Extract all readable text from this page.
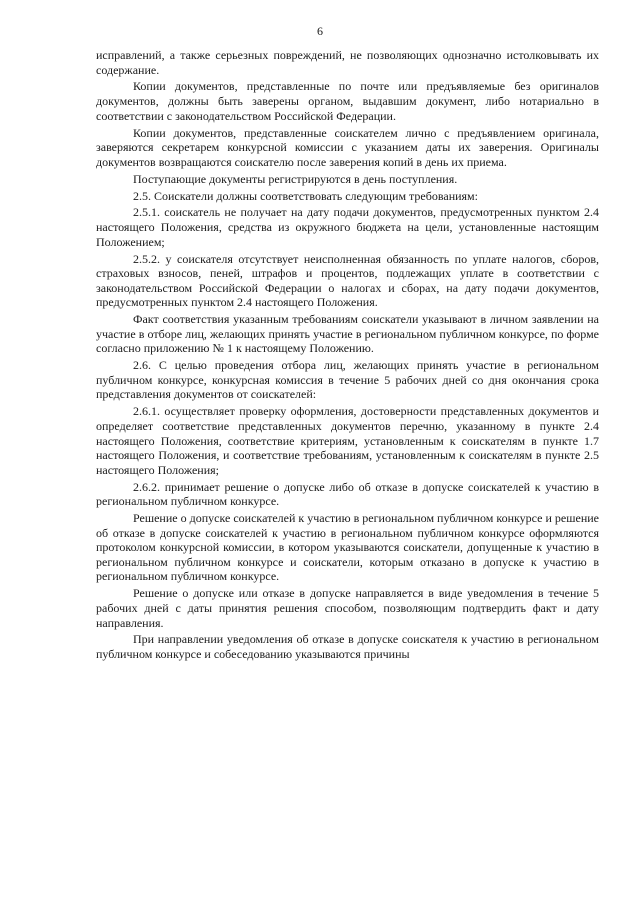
6

исправлений, а также серьезных повреждений, не позволяющих однозначно истолковывать их содержание.

Копии документов, представленные по почте или предъявляемые без оригиналов документов, должны быть заверены органом, выдавшим документ, либо нотариально в соответствии с законодательством Российской Федерации.

Копии документов, представленные соискателем лично с предъявлением оригинала, заверяются секретарем конкурсной комиссии с указанием даты их заверения. Оригиналы документов возвращаются соискателю после заверения копий в день их приема.

Поступающие документы регистрируются в день поступления.

2.5. Соискатели должны соответствовать следующим требованиям:

2.5.1. соискатель не получает на дату подачи документов, предусмотренных пунктом 2.4 настоящего Положения, средства из окружного бюджета на цели, установленные настоящим Положением;

2.5.2. у соискателя отсутствует неисполненная обязанность по уплате налогов, сборов, страховых взносов, пеней, штрафов и процентов, подлежащих уплате в соответствии с законодательством Российской Федерации о налогах и сборах, на дату подачи документов, предусмотренных пунктом 2.4 настоящего Положения.

Факт соответствия указанным требованиям соискатели указывают в личном заявлении на участие в отборе лиц, желающих принять участие в региональном публичном конкурсе, по форме согласно приложению № 1 к настоящему Положению.

2.6. С целью проведения отбора лиц, желающих принять участие в региональном публичном конкурсе, конкурсная комиссия в течение 5 рабочих дней со дня окончания срока представления документов от соискателей:

2.6.1. осуществляет проверку оформления, достоверности представленных документов и определяет соответствие представленных документов перечню, указанному в пункте 2.4 настоящего Положения, соответствие критериям, установленным к соискателям в пункте 1.7 настоящего Положения, и соответствие требованиям, установленным к соискателям в пункте 2.5 настоящего Положения;

2.6.2. принимает решение о допуске либо об отказе в допуске соискателей к участию в региональном публичном конкурсе.

Решение о допуске соискателей к участию в региональном публичном конкурсе и решение об отказе в допуске соискателей к участию в региональном публичном конкурсе оформляются протоколом конкурсной комиссии, в котором указываются соискатели, допущенные к участию в региональном публичном конкурсе и соискатели, которым отказано в допуске к участию в региональном публичном конкурсе.

Решение о допуске или отказе в допуске направляется в виде уведомления в течение 5 рабочих дней с даты принятия решения способом, позволяющим подтвердить факт и дату направления.

При направлении уведомления об отказе в допуске соискателя к участию в региональном публичном конкурсе и собеседованию указываются причины
